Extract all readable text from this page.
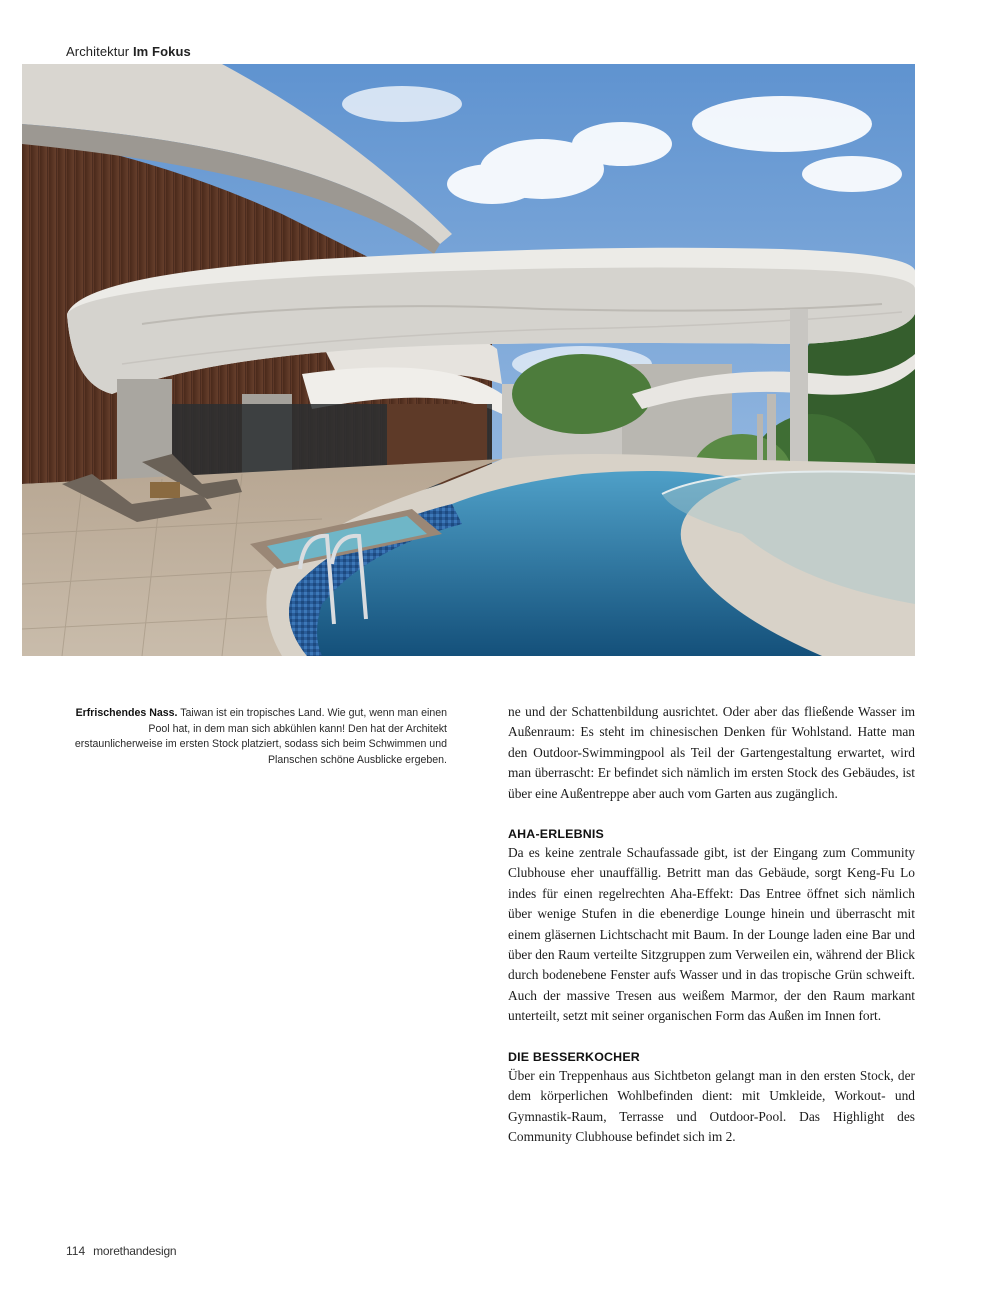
Architektur Im Fokus
Erfrischendes Nass. Taiwan ist ein tropisches Land. Wie gut, wenn man einen Pool hat, in dem man sich abkühlen kann! Den hat der Architekt erstaunlicherweise im ersten Stock platziert, sodass sich beim Schwimmen und Planschen schöne Ausblicke ergeben.

ne und der Schattenbildung ausrichtet. Oder aber das fließende Wasser im Außenraum: Es steht im chinesischen Denken für Wohlstand. Hatte man den Outdoor-Swimmingpool als Teil der Gartengestaltung erwartet, wird man überrascht: Er befindet sich nämlich im ersten Stock des Gebäudes, ist über eine Außentreppe aber auch vom Garten aus zugänglich.

AHA-ERLEBNIS

Da es keine zentrale Schaufassade gibt, ist der Eingang zum Community Clubhouse eher unauffällig. Betritt man das Gebäude, sorgt Keng-Fu Lo indes für einen regelrechten Aha-Effekt: Das Entree öffnet sich nämlich über wenige Stufen in die ebenerdige Lounge hinein und überrascht mit einem gläsernen Lichtschacht mit Baum. In der Lounge laden eine Bar und über den Raum verteilte Sitzgruppen zum Verweilen ein, während der Blick durch bodenebene Fenster aufs Wasser und in das tropische Grün schweift. Auch der massive Tresen aus weißem Marmor, der den Raum markant unterteilt, setzt mit seiner organischen Form das Außen im Innen fort.

DIE BESSERKOCHER

Über ein Treppenhaus aus Sichtbeton gelangt man in den ersten Stock, der dem körperlichen Wohlbefinden dient: mit Umkleide, Workout- und Gymnastik-Raum, Terrasse und Outdoor-Pool. Das Highlight des Community Clubhouse befindet sich im 2.

114 morethandesign
